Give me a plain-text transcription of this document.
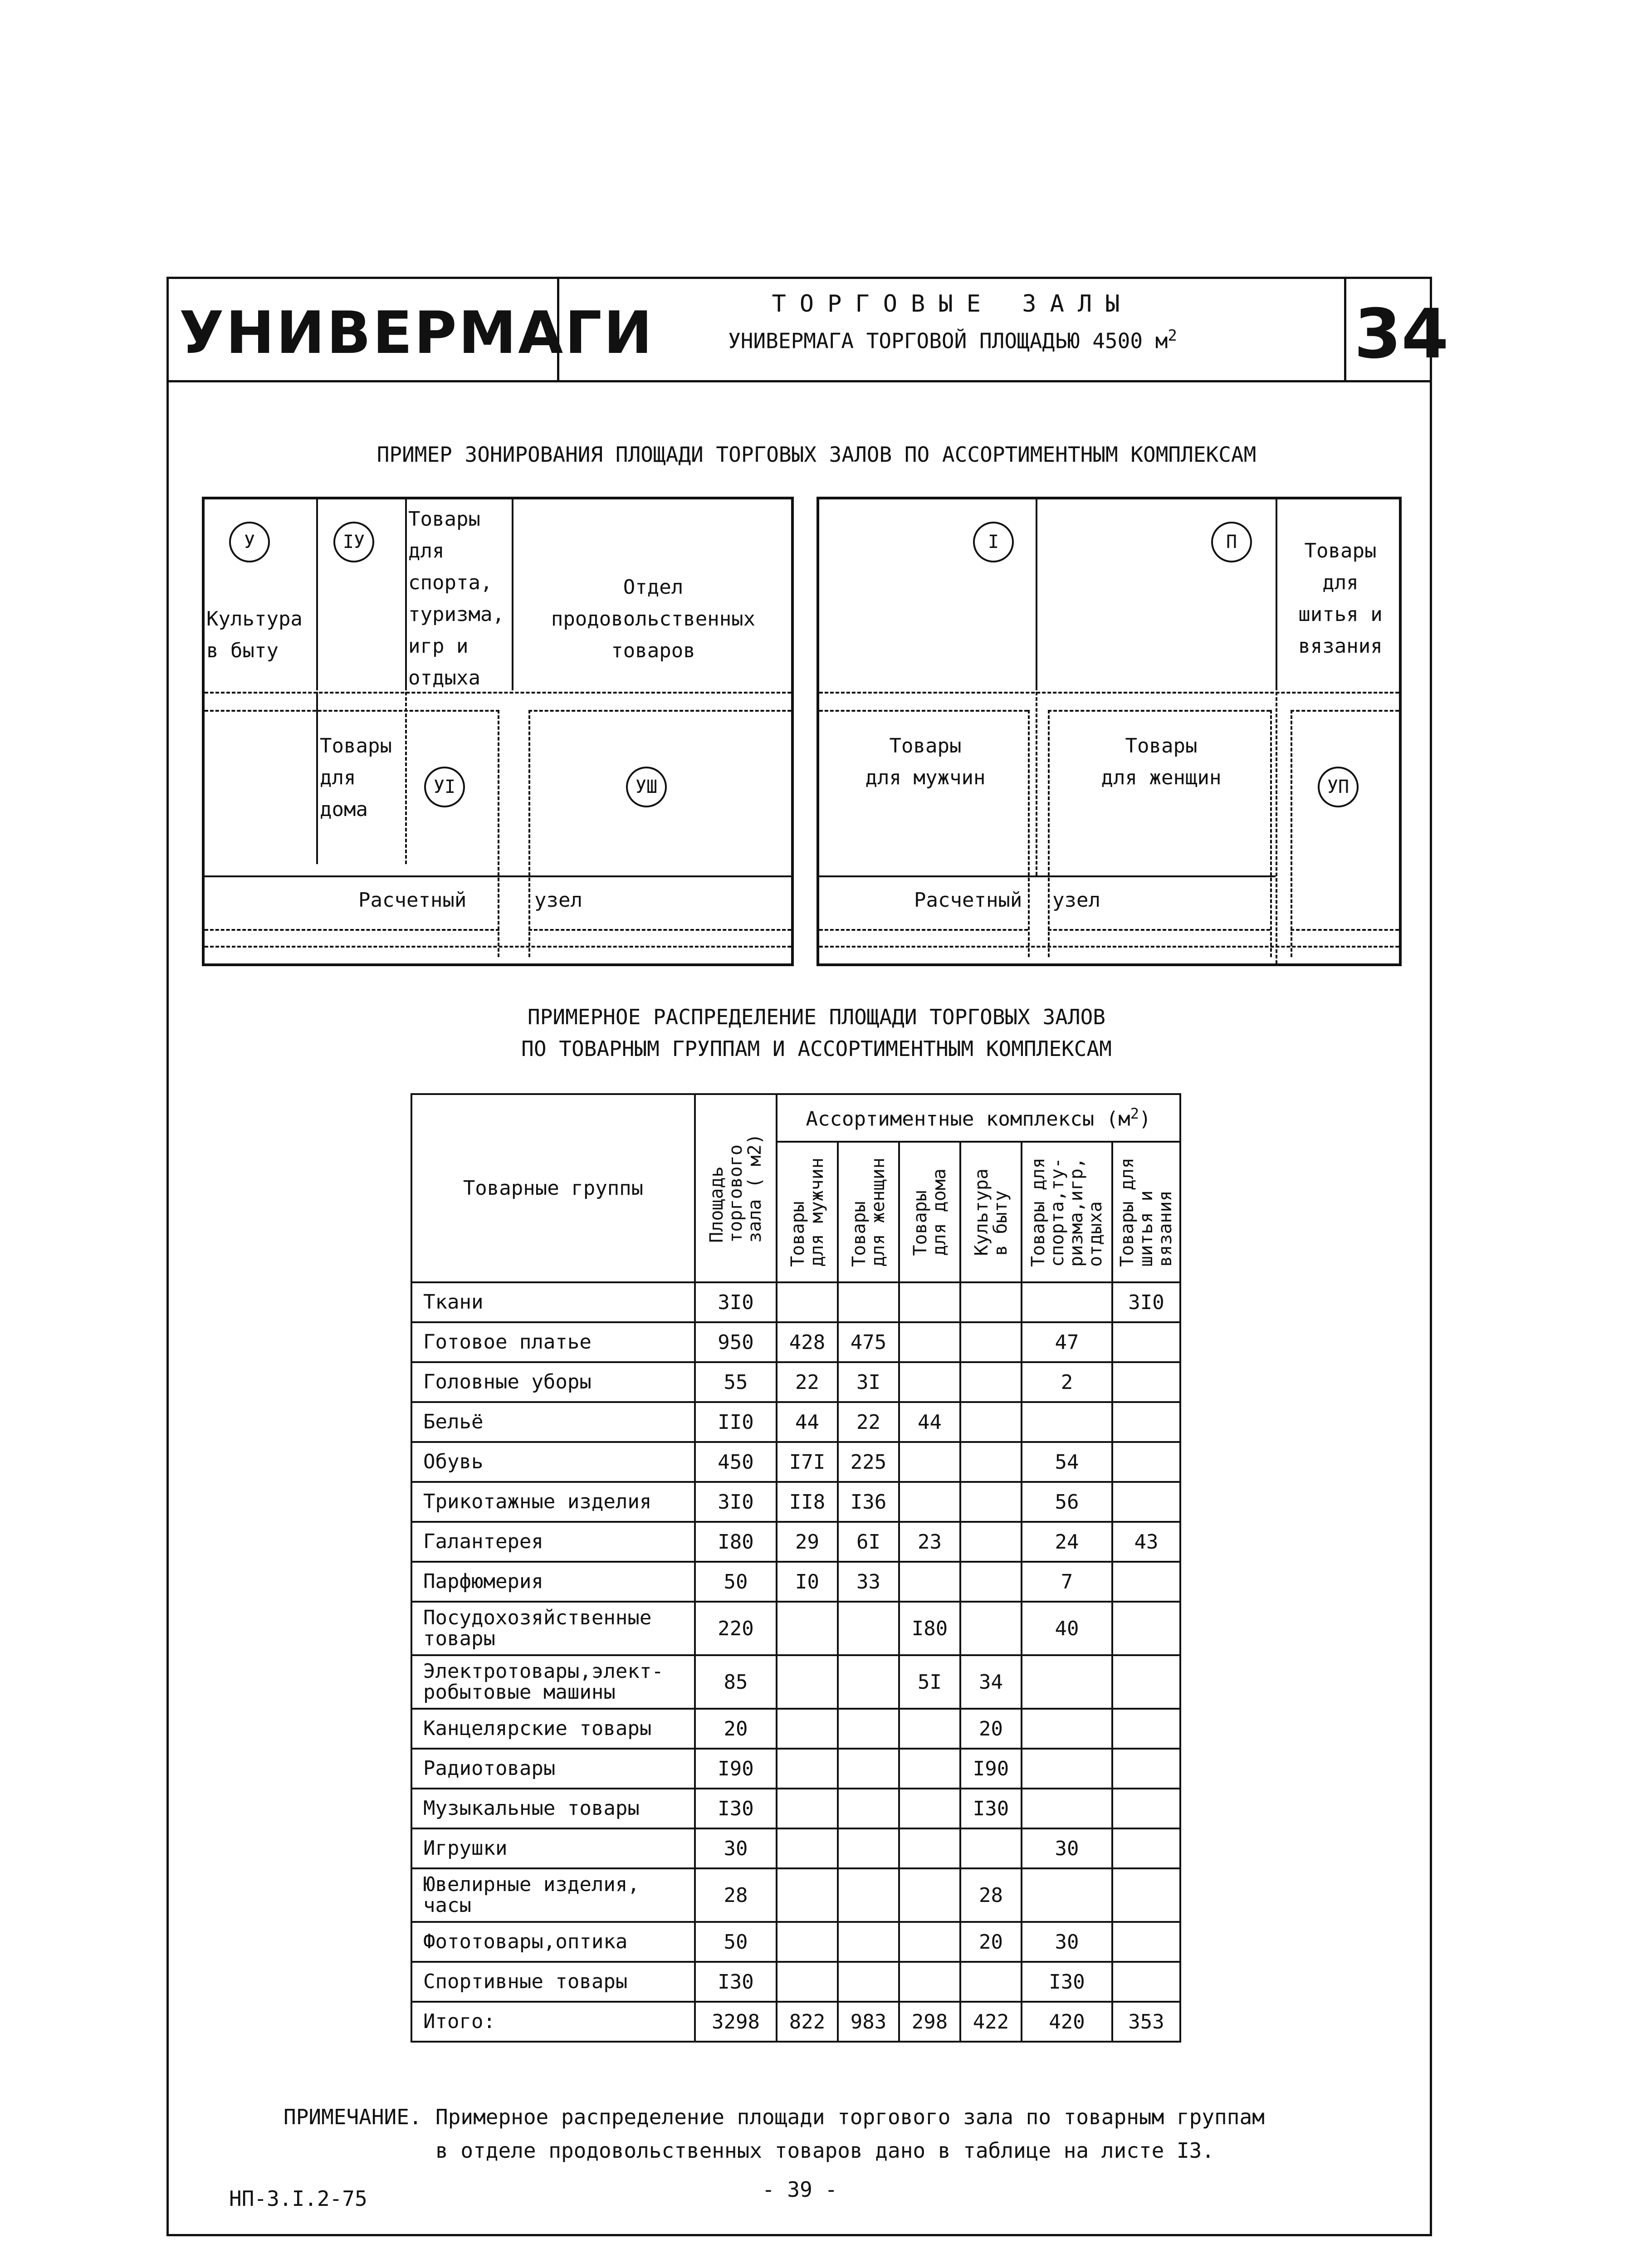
УНИВЕРМАГИ	ТОРГОВЫЕ ЗАЛЫ
УНИВЕРМАГА ТОРГОВОЙ ПЛОЩАДЬЮ 4500 $м^2$	34
ПРИМЕР ЗОНИРОВАНИЯ ПЛОЩАДИ ТОРГОВЫХ ЗАЛОВ ПО АССОРТИМЕНТНЫМ КОМПЛЕКСАМ
У	IУ
Культура
в быту
Товары
для
спорта,
туризма,
игр и
отдыха
Отдел
продовольственных
товаров
Товары
для
дома
УI	УШ
Расчетный	узел
I	П	Товары
для
шитья и
вязания
Товары
для мужчин
Товары
для женщин	УП
Расчетный узел
ПРИМЕРНОЕ РАСПРЕДЕЛЕНИЕ ПЛОЩАДИ ТОРГОВЫХ ЗАЛОВ
ПО ТОВАРНЫМ ГРУППАМ И АССОРТИМЕНТНЫМ КОМПЛЕКСАМ
Товарные группы	Площадь
торгового
зала ( м2)	Ассортиментные комплексы $(м^2)$					

		Товары
для мужчин	Товары
для женщин	Товары
для дома	Культура
в быту	Товары для
спорта,ту-
ризма,игр,
отдыха	Товары для
шитья и
вязания

Ткани	3I0						3I0
Готовое платье	950	428	475			47	
Головные уборы	55	22	3I			2	
Бельё	II0	44	22	44			
Обувь	450	I7I	225			54	
Трикотажные изделия	3I0	II8	I36			56	
Галантерея	I80	29	6I	23		24	43
Парфюмерия	50	I0	33			7	
Посудохозяйственные
товары	220			I80		40	
Электротовары,элект-
робытовые машины	85			5I	34		
Канцелярские товары	20				20		
Радиотовары	I90				I90		
Музыкальные товары	I30				I30		
Игрушки	30					30	
Ювелирные изделия,
часы	28				28		
Фототовары,оптика	50				20	30	
Спортивные товары	I30					I30	
Итого:	3298	822	983	298	422	420	353
ПРИМЕЧАНИЕ. Примерное распределение площади торгового зала по товарным группам
в отделе продовольственных товаров дано в таблице на листе I3.
НП-3.I.2-75	- 39 -
